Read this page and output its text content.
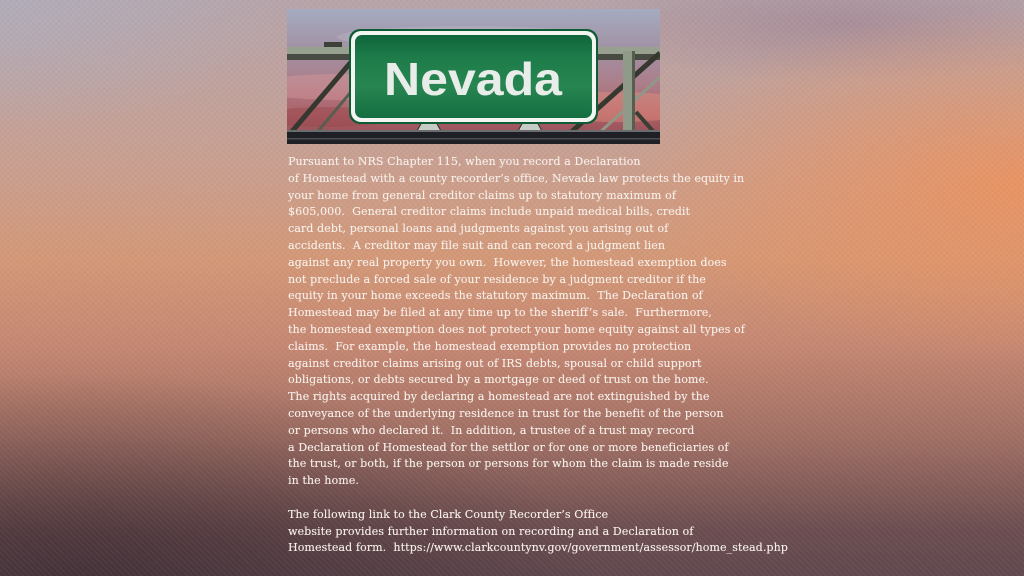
Nevada
Pursuant to NRS Chapter 115, when you record a Declaration
of Homestead with a county recorder’s office, Nevada law protects the equity in
your home from general creditor claims up to statutory maximum of
$605,000.  General creditor claims include unpaid medical bills, credit
card debt, personal loans and judgments against you arising out of
accidents.  A creditor may file suit and can record a judgment lien
against any real property you own.  However, the homestead exemption does
not preclude a forced sale of your residence by a judgment creditor if the
equity in your home exceeds the statutory maximum.  The Declaration of
Homestead may be filed at any time up to the sheriff’s sale.  Furthermore,
the homestead exemption does not protect your home equity against all types of
claims.  For example, the homestead exemption provides no protection
against creditor claims arising out of IRS debts, spousal or child support
obligations, or debts secured by a mortgage or deed of trust on the home.
The rights acquired by declaring a homestead are not extinguished by the
conveyance of the underlying residence in trust for the benefit of the person
or persons who declared it.  In addition, a trustee of a trust may record
a Declaration of Homestead for the settlor or for one or more beneficiaries of
the trust, or both, if the person or persons for whom the claim is made reside
in the home.
The following link to the Clark County Recorder’s Office
website provides further information on recording and a Declaration of
Homestead form.  https://www.clarkcountynv.gov/government/assessor/home_stead.php
